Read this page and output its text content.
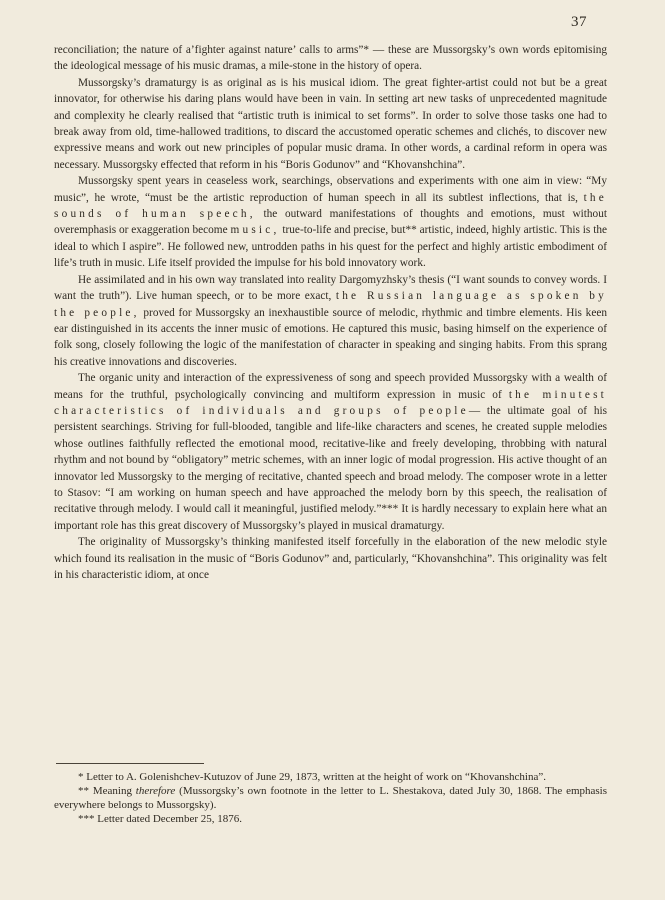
37

reconciliation; the nature of a’fighter against nature’ calls to arms”* — these are Mussorgsky’s own words epitomising the ideological message of his music dramas, a mile-stone in the history of opera.

Mussorgsky’s dramaturgy is as original as is his musical idiom. The great fighter-artist could not but be a great innovator, for otherwise his daring plans would have been in vain. In setting art new tasks of unprecedented magnitude and complexity he clearly realised that “artistic truth is inimical to set forms”. In order to solve those tasks one had to break away from old, time-hallowed traditions, to discard the accustomed operatic schemes and clichés, to discover new expressive means and work out new principles of popular music drama. In other words, a cardinal reform in opera was necessary. Mussorgsky effected that reform in his “Boris Godunov” and “Khovanshchina”.

Mussorgsky spent years in ceaseless work, searchings, observations and experiments with one aim in view: “My music”, he wrote, “must be the artistic reproduction of human speech in all its subtlest inflections, that is, the sounds of human speech, the outward manifestations of thoughts and emotions, must without overemphasis or exaggeration become music, true-to-life and precise, but** artistic, indeed, highly artistic. This is the ideal to which I aspire”. He followed new, untrodden paths in his quest for the perfect and highly artistic embodiment of life’s truth in music. Life itself provided the impulse for his bold innovatory work.

He assimilated and in his own way translated into reality Dargomyzhsky’s thesis (“I want sounds to convey words. I want the truth”). Live human speech, or to be more exact, the Russian language as spoken by the people, proved for Mussorgsky an inexhaustible source of melodic, rhythmic and timbre elements. His keen ear distinguished in its accents the inner music of emotions. He captured this music, basing himself on the experience of folk song, closely following the logic of the manifestation of character in speaking and singing habits. From this sprang his creative innovations and discoveries.

The organic unity and interaction of the expressiveness of song and speech provided Mussorgsky with a wealth of means for the truthful, psychologically convincing and multiform expression in music of the minutest characteristics of individuals and groups of people— the ultimate goal of his persistent searchings. Striving for full-blooded, tangible and life-like characters and scenes, he created supple melodies whose outlines faithfully reflected the emotional mood, recitative-like and freely developing, throbbing with natural rhythm and not bound by “obligatory” metric schemes, with an inner logic of modal progression. His active thought of an innovator led Mussorgsky to the merging of recitative, chanted speech and broad melody. The composer wrote in a letter to Stasov: “I am working on human speech and have approached the melody born by this speech, the realisation of recitative through melody. I would call it meaningful, justified melody.”*** It is hardly necessary to explain here what an important role has this great discovery of Mussorgsky’s played in musical dramaturgy.

The originality of Mussorgsky’s thinking manifested itself forcefully in the elaboration of the new melodic style which found its realisation in the music of “Boris Godunov” and, particularly, “Khovanshchina”. This originality was felt in his characteristic idiom, at once

* Letter to A. Golenishchev-Kutuzov of June 29, 1873, written at the height of work on “Khovanshchina”.

** Meaning therefore (Mussorgsky’s own footnote in the letter to L. Shestakova, dated July 30, 1868. The emphasis everywhere belongs to Mussorgsky).

*** Letter dated December 25, 1876.
